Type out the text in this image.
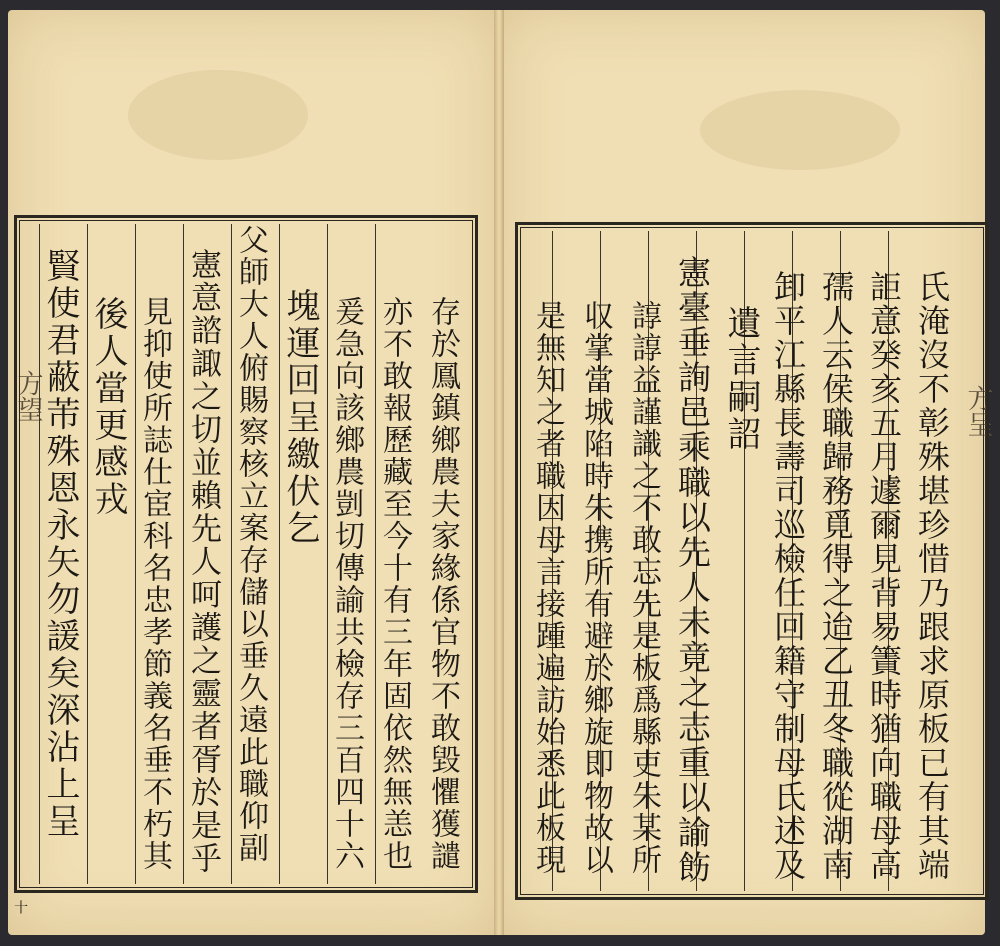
方望	方呈
存於鳳鎮鄉農夫家緣係官物不敢毀懼獲譴
亦不敢報歷藏至今十有三年固依然無恙也
爰急向該鄉農剴切傳諭共檢存三百四十六
塊運回呈繳伏乞
父師大人俯賜察核立案存儲以垂久遠此職仰副
憲意諮諏之切並賴先人呵護之靈者胥於是乎
見抑使所誌仕宦科名忠孝節義名垂不朽其
後人當更感戎
賢使君蔽芾殊恩永矢勿諼矣深沾上呈
十
氏淹沒不彰殊堪珍惜乃跟求原板已有其端
詎意癸亥五月遽爾見背易簀時猶向職母高
孺人云侯職歸務覓得之迨乙丑冬職從湖南
卸平江縣長壽司巡檢任回籍守制母氏述及
遺言嗣詔
憲臺垂詢邑乘職以先人未竟之志重以諭飭
諄諄益謹識之不敢忘先是板爲縣吏朱某所
収掌當城陷時朱携所有避於鄉旋即物故以
是無知之者職因母言接踵遍訪始悉此板現
